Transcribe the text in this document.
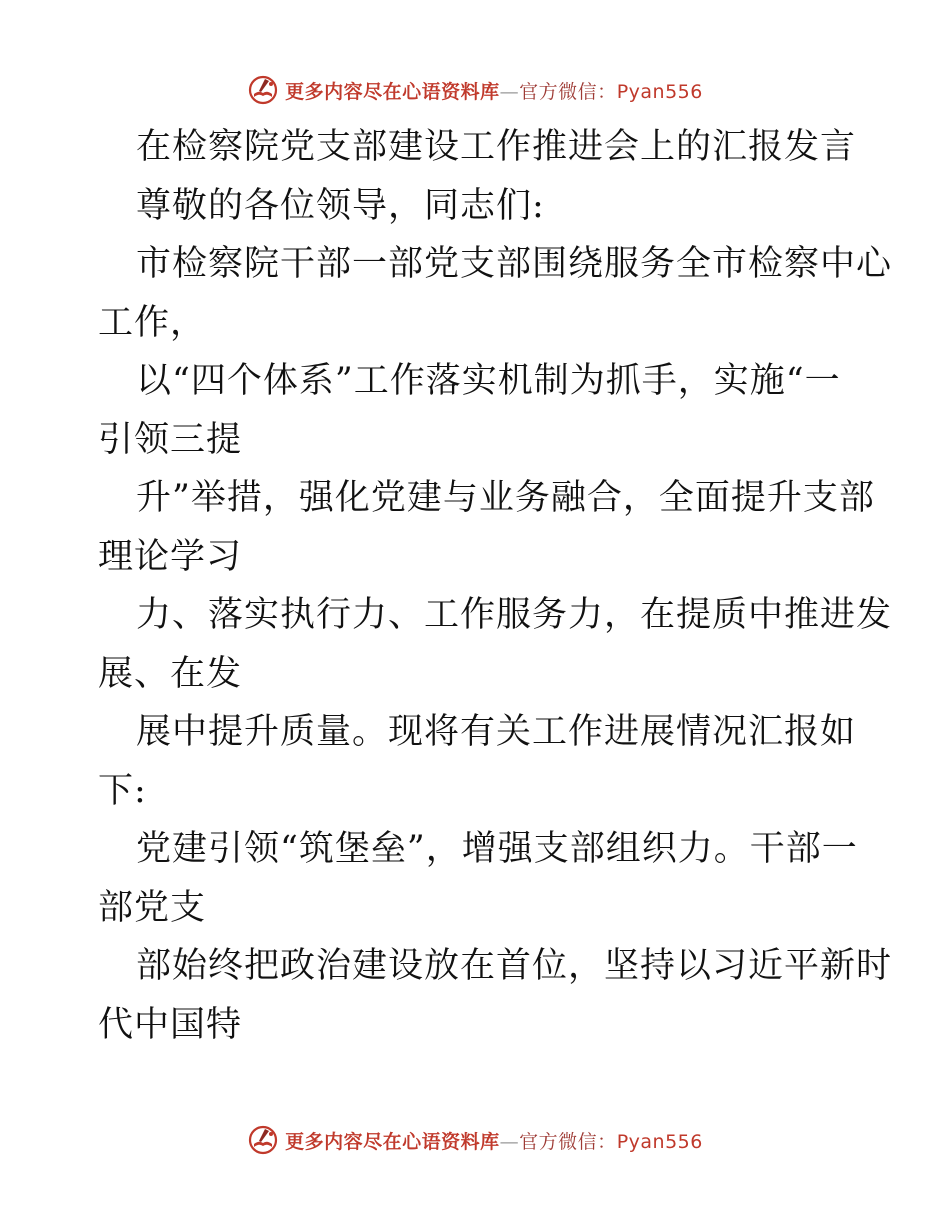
更多内容尽在心语资料库—官方微信：Pyan556
在检察院党支部建设工作推进会上的汇报发言
尊敬的各位领导，同志们:
市检察院干部一部党支部围绕服务全市检察中心
工作，
以“四个体系”工作落实机制为抓手，实施“一
引领三提
升”举措，强化党建与业务融合，全面提升支部
理论学习
力、落实执行力、工作服务力，在提质中推进发
展、在发
展中提升质量。现将有关工作进展情况汇报如
下:
党建引领“筑堡垒”，增强支部组织力。干部一
部党支
部始终把政治建设放在首位，坚持以习近平新时
代中国特
更多内容尽在心语资料库—官方微信：Pyan556
